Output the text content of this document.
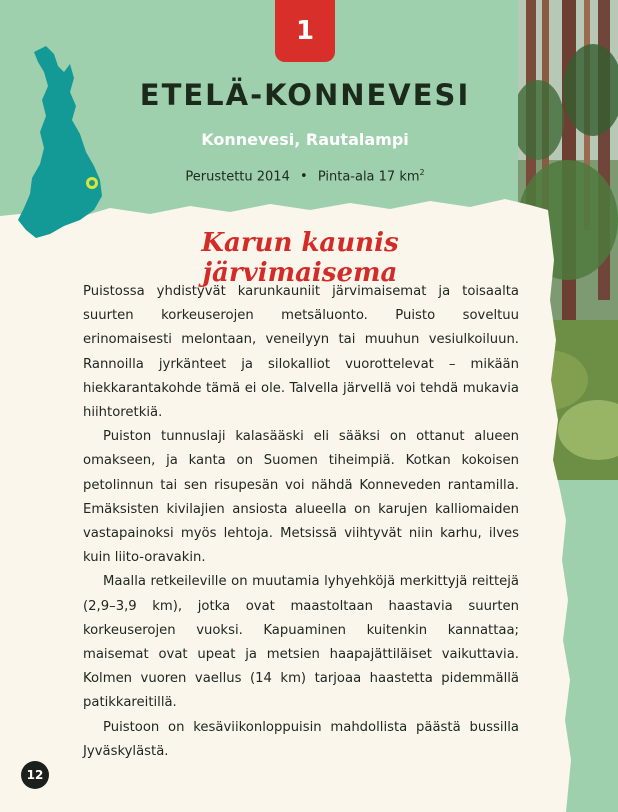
1
ETELÄ-KONNEVESI

Konnevesi, Rautalampi

Perustettu 2014 • Pinta-ala 17 $km^2$
Karun kaunis järvimaisema

Puistossa yhdistyvät karunkauniit järvimaisemat ja toisaalta suurten korkeuserojen metsäluonto. Puisto soveltuu erinomaisesti melontaan, veneilyyn tai muuhun vesiulkoiluun. Rannoilla jyrkänteet ja silokalliot vuorottelevat – mikään hiekkarantakohde tämä ei ole. Talvella järvellä voi tehdä mukavia hiihtoretkiä.

Puiston tunnuslaji kalasääski eli sääksi on ottanut alueen omakseen, ja kanta on Suomen tiheimpiä. Kotkan kokoisen petolinnun tai sen risupesän voi nähdä Konneveden rantamilla. Emäksisten kivilajien ansiosta alueella on karujen kalliomaiden vastapainoksi myös lehtoja. Metsissä viihtyvät niin karhu, ilves kuin liito-oravakin.

Maalla retkeileville on muutamia lyhyehköjä merkittyjä reittejä (2,9–3,9 km), jotka ovat maastoltaan haastavia suurten korkeuserojen vuoksi. Kapuaminen kuitenkin kannattaa; maisemat ovat upeat ja metsien haapajättiläiset vaikuttavia. Kolmen vuoren vaellus (14 km) tarjoaa haastetta pidemmällä patikkareitillä.

Puistoon on kesäviikonloppuisin mahdollista päästä bussilla Jyväskylästä.

12
